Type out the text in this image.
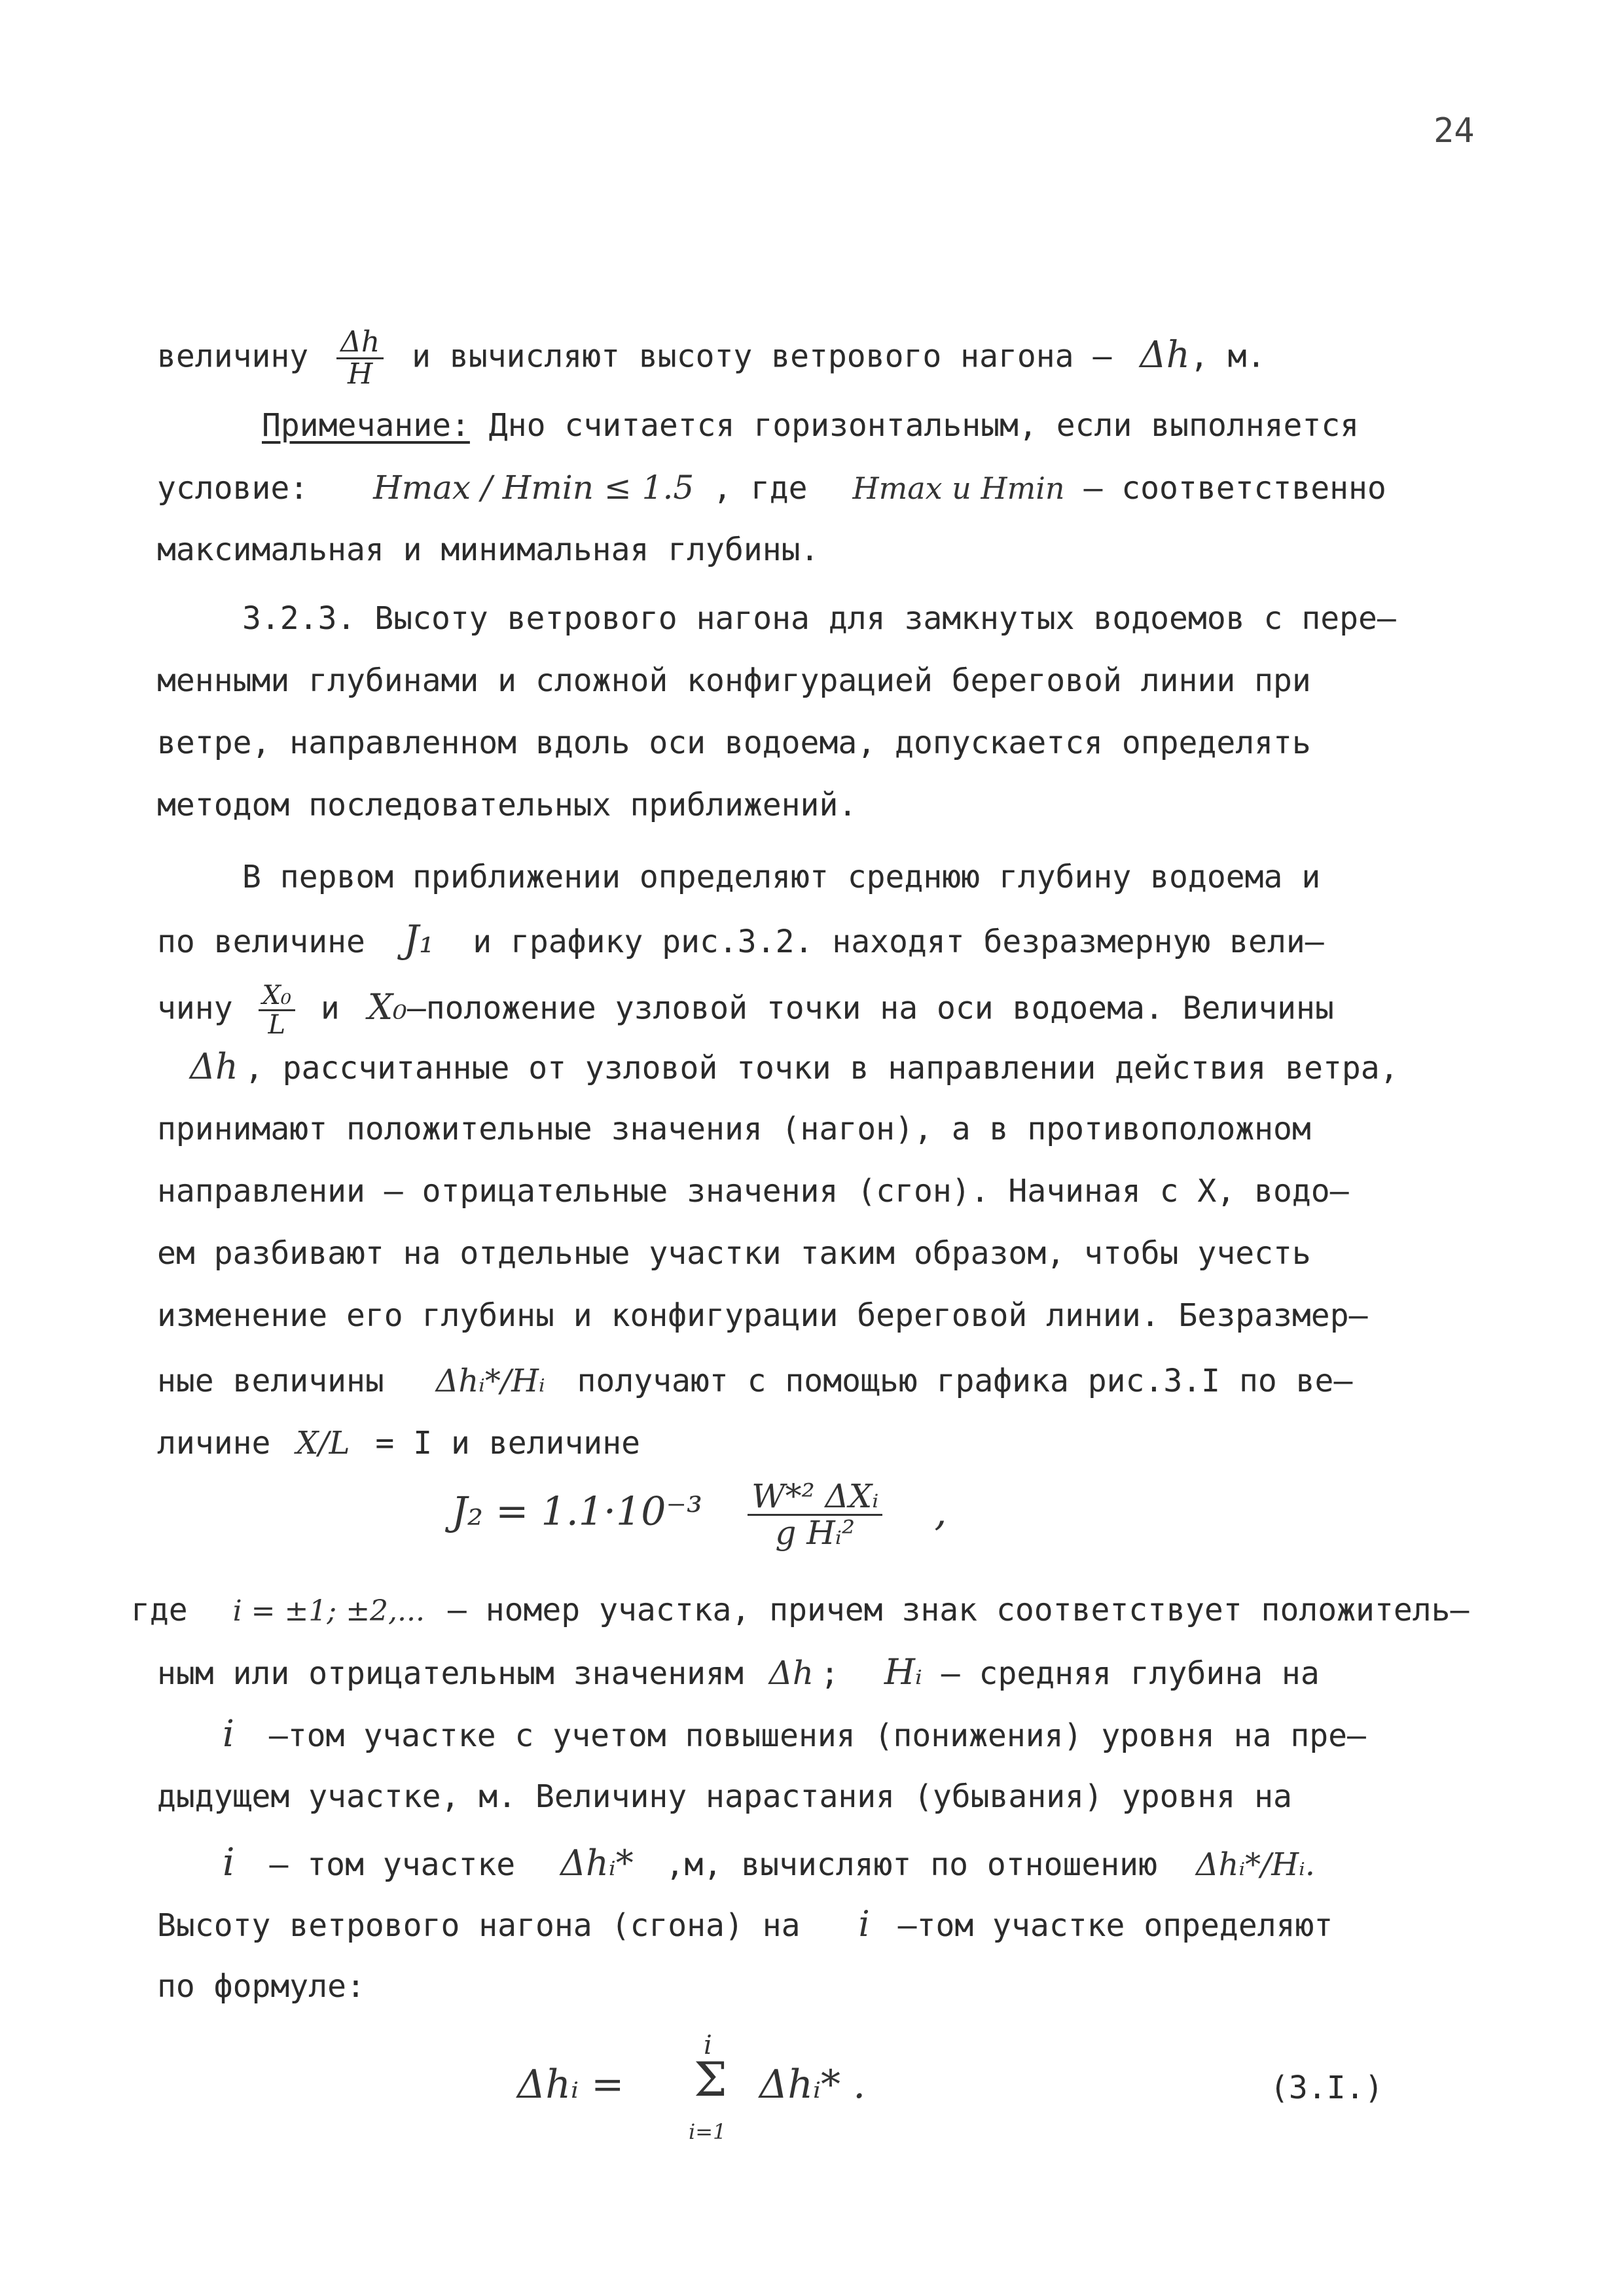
24
величину $\frac{\Delta h}{H}$ и вычисляют высоту ветрового нагона – Δh, м.
Примечание: Дно считается горизонтальным, если выполняется
условие: Hmax / Hmin ≤ 1.5 , где Hmax и Hmin – соответственно
максимальная и минимальная глубины.
3.2.3. Высоту ветрового нагона для замкнутых водоемов с пере–
менными глубинами и сложной конфигурацией береговой линии при
ветре, направленном вдоль оси водоема, допускается определять
методом последовательных приближений.
В первом приближении определяют среднюю глубину водоема и
по величине J₁ и графику рис.3.2. находят безразмерную вели–
чину $\frac{\text{X₀}}{L}$ и X₀–положение узловой точки на оси водоема. Величины
Δh , рассчитанные от узловой точки в направлении действия ветра,
принимают положительные значения (нагон), а в противоположном
направлении – отрицательные значения (сгон). Начиная с X, водо–
ем разбивают на отдельные участки таким образом, чтобы учесть
изменение его глубины и конфигурации береговой линии. Безразмер–
ные величины Δhᵢ*/Hᵢ получают с помощью графика рис.3.I по ве–
личине X/L = I и величине
$J_2 = 1.1\cdot 10^{-3} \frac{\text{W*² ΔXᵢ}}{\text{g Hᵢ²}}$ ,
где i = ±1; ±2,... – номер участка, причем знак соответствует положитель–
ным или отрицательным значениям Δh ; Hᵢ – средняя глубина на
i –том участке с учетом повышения (понижения) уровня на пре–
дыдущем участке, м. Величину нарастания (убывания) уровня на
i – том участке Δhᵢ* ,м, вычисляют по отношению Δhᵢ*/Hᵢ.
Высоту ветрового нагона (сгона) на i –том участке определяют
по формуле:
Δhᵢ =
i
Σ
i=1
Δhᵢ* .	(3.I.)
